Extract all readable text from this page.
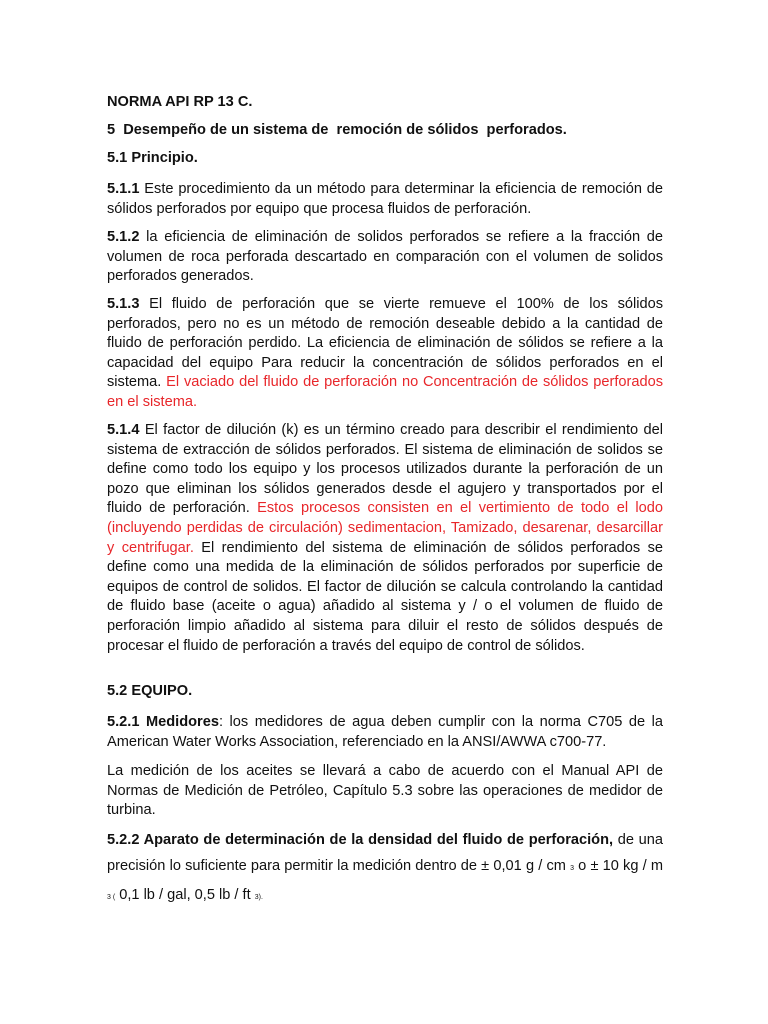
NORMA API RP 13 C.

5  Desempeño de un sistema de  remoción de sólidos  perforados.

5.1 Principio.

5.1.1 Este procedimiento da un método para determinar la eficiencia de remoción de sólidos perforados por equipo que procesa fluidos de perforación.

5.1.2 la eficiencia de eliminación de solidos perforados se refiere a la fracción de volumen de roca perforada descartado en comparación con el volumen de solidos perforados generados.

5.1.3 El fluido de perforación que se vierte remueve el 100% de los sólidos perforados, pero no es un método de remoción deseable debido a la cantidad de fluido de perforación perdido. La eficiencia de eliminación de sólidos se refiere a la capacidad del equipo Para reducir la concentración de sólidos perforados en el sistema. El vaciado del fluido de perforación no Concentración de sólidos perforados en el sistema.

5.1.4 El factor de dilución (k) es un término creado para describir el rendimiento del sistema de extracción de sólidos perforados. El sistema de eliminación de solidos se define como todo los equipo y los procesos utilizados durante la perforación de un pozo que eliminan los sólidos generados desde el agujero y transportados por el fluido de perforación. Estos procesos consisten en el vertimiento de todo el lodo (incluyendo perdidas de circulación) sedimentacion, Tamizado, desarenar, desarcillar y centrifugar. El rendimiento del sistema de eliminación de sólidos perforados se define como una medida de la eliminación de sólidos perforados por superficie de equipos de control de solidos. El factor de dilución se calcula controlando la cantidad de fluido base (aceite o agua) añadido al sistema y / o el volumen de fluido de perforación limpio añadido al sistema para diluir el resto de sólidos después de procesar el fluido de perforación a través del equipo de control de sólidos.

5.2 EQUIPO.

5.2.1 Medidores: los medidores de agua deben cumplir con la norma C705 de la American Water Works Association, referenciado en la ANSI/AWWA c700-77.

La medición de los aceites se llevará a cabo de acuerdo con el Manual API de Normas de Medición de Petróleo, Capítulo 5.3 sobre las operaciones de medidor de turbina.

5.2.2 Aparato de determinación de la densidad del fluido de perforación, de una precisión lo suficiente para permitir la medición dentro de ± 0,01 g / cm 3 o ± 10 kg / m 3 ( 0,1 lb / gal, 0,5 lb / ft 3).
